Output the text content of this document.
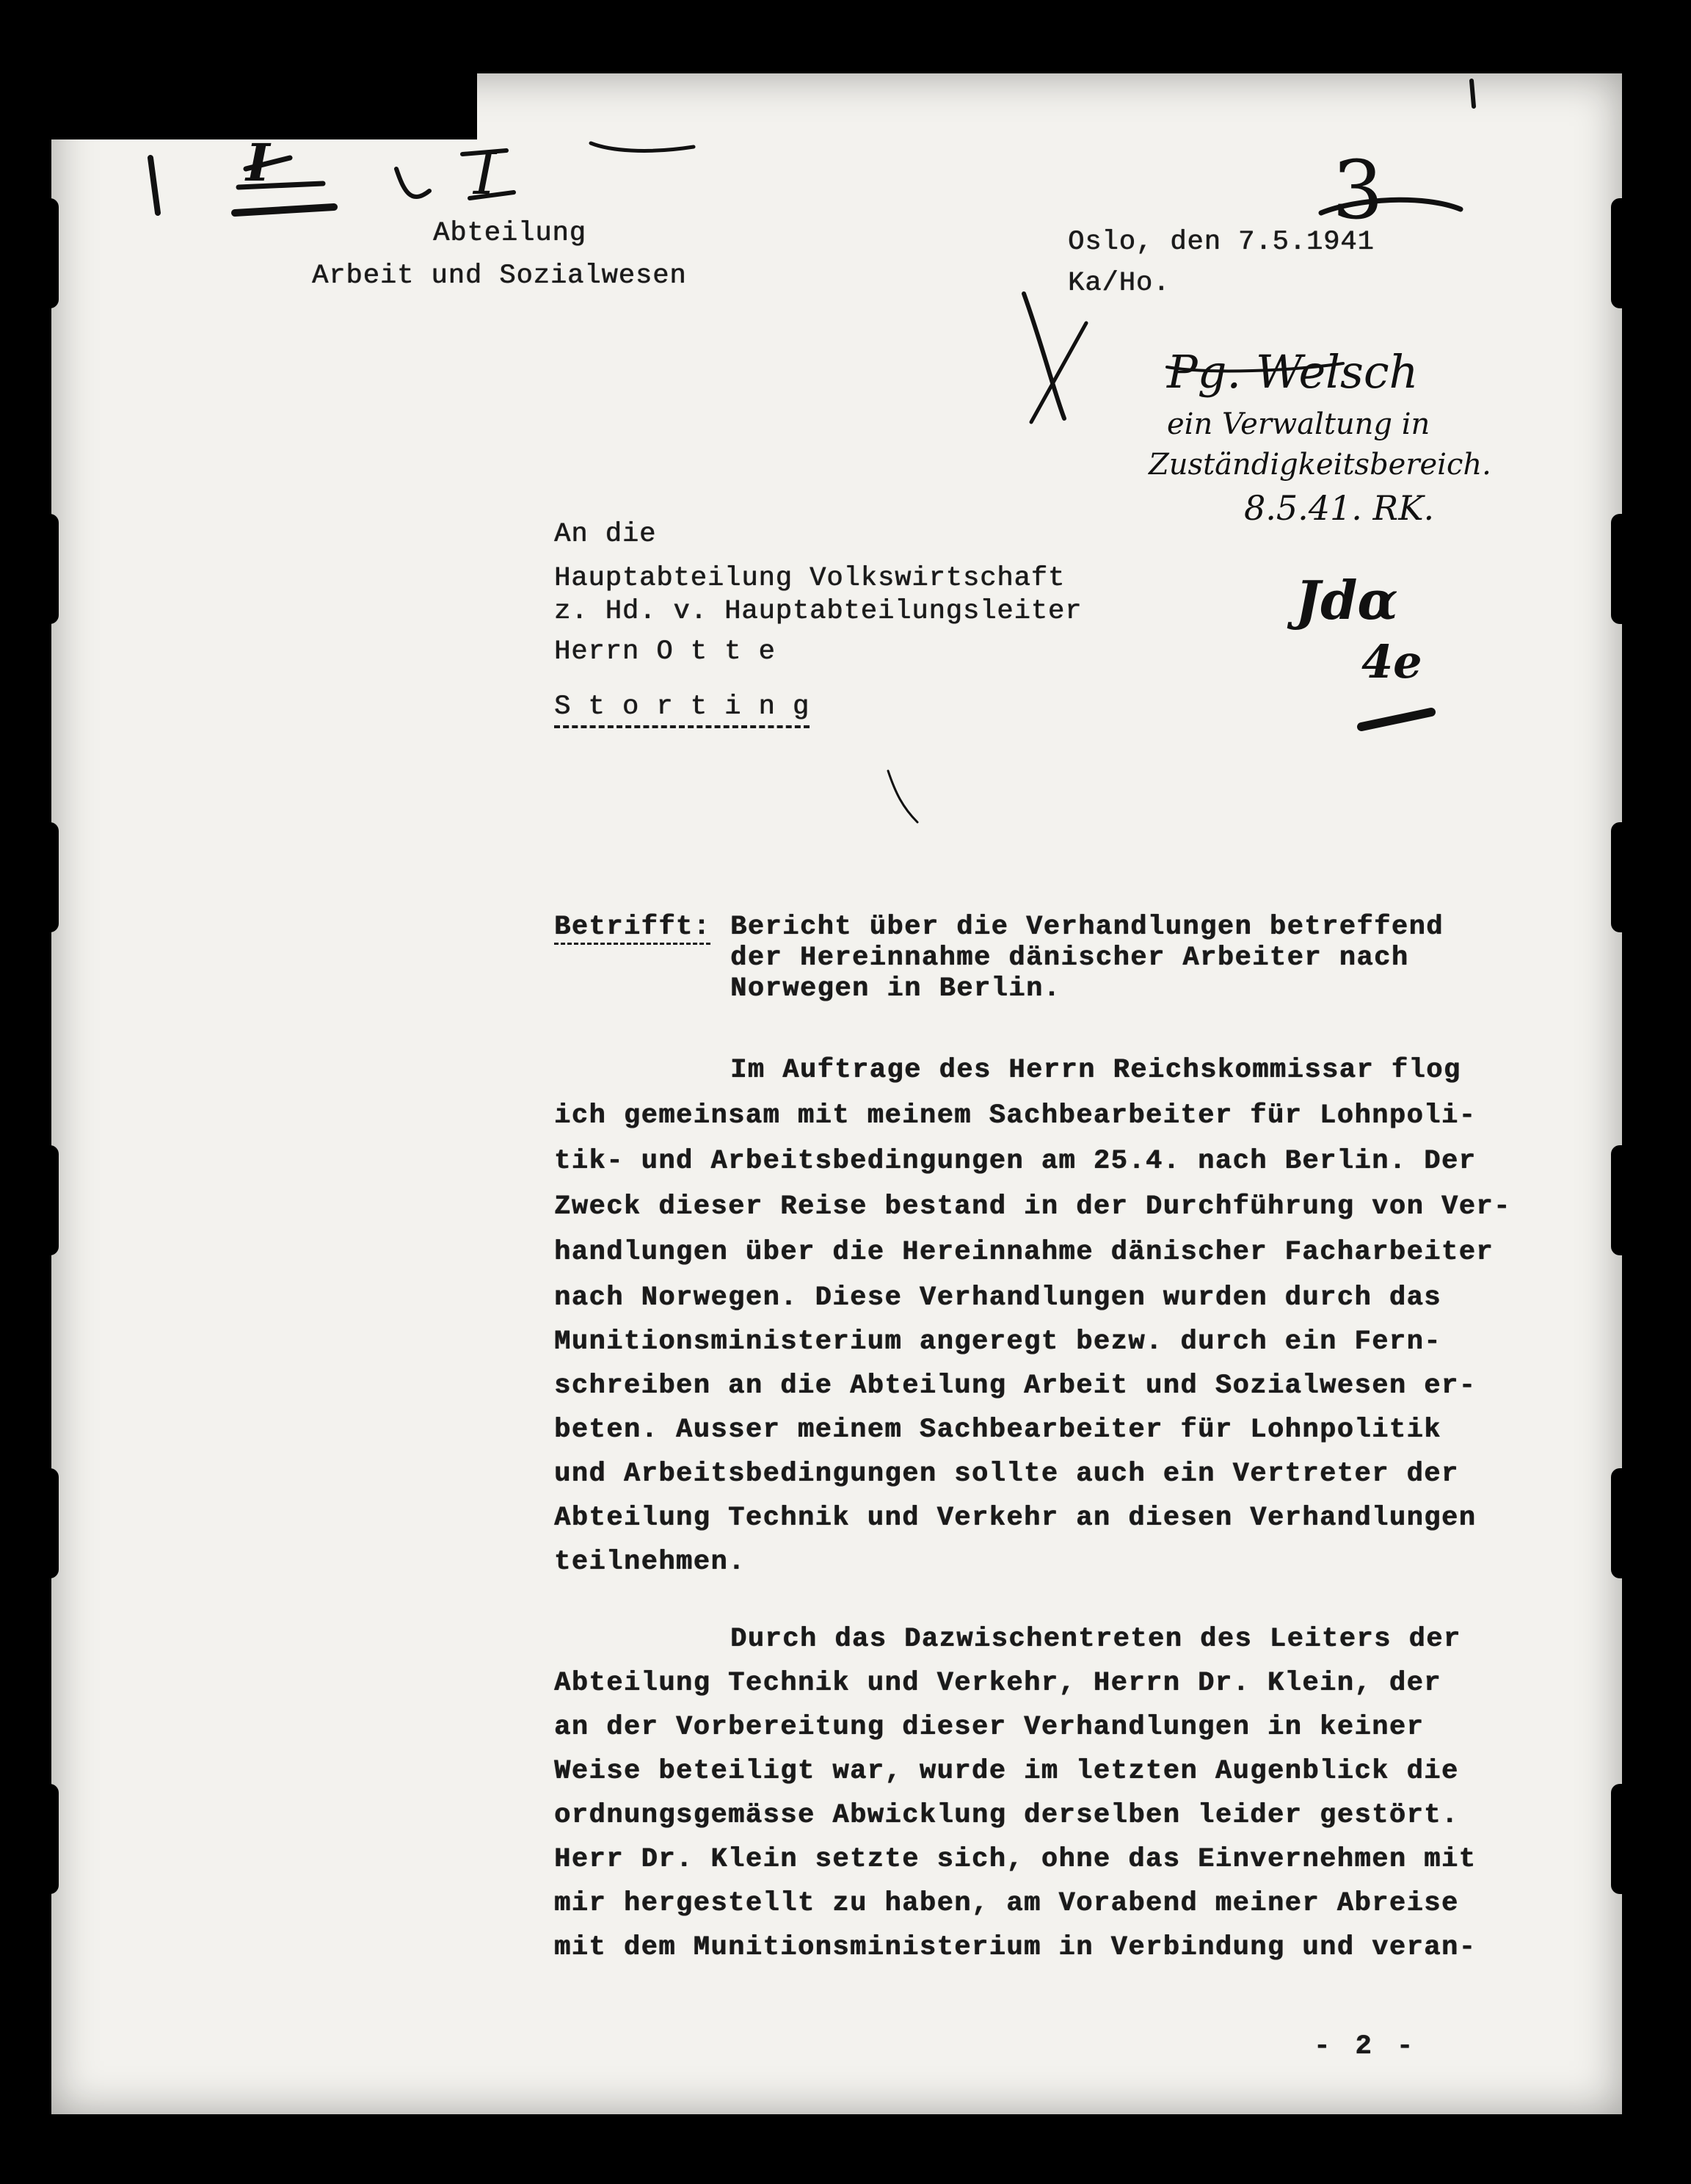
I	I	3
Pg. Welsch
ein Verwaltung in
Zuständigkeitsbereich.
8.5.41. RK.
Jdα
4e
Abteilung
Arbeit und Sozialwesen
Oslo, den 7.5.1941
Ka/Ho.
An die
Hauptabteilung Volkswirtschaft
z. Hd. v. Hauptabteilungsleiter
Herrn O t t e
S t o r t i n g
Betrifft: Bericht über die Verhandlungen betreffend
der Hereinnahme dänischer Arbeiter nach
Norwegen in Berlin.
Im Auftrage des Herrn Reichskommissar flog
ich gemeinsam mit meinem Sachbearbeiter für Lohnpoli-
tik- und Arbeitsbedingungen am 25.4. nach Berlin. Der
Zweck dieser Reise bestand in der Durchführung von Ver-
handlungen über die Hereinnahme dänischer Facharbeiter
nach Norwegen. Diese Verhandlungen wurden durch das
Munitionsministerium angeregt bezw. durch ein Fern-
schreiben an die Abteilung Arbeit und Sozialwesen er-
beten. Ausser meinem Sachbearbeiter für Lohnpolitik
und Arbeitsbedingungen sollte auch ein Vertreter der
Abteilung Technik und Verkehr an diesen Verhandlungen
teilnehmen.
Durch das Dazwischentreten des Leiters der
Abteilung Technik und Verkehr, Herrn Dr. Klein, der
an der Vorbereitung dieser Verhandlungen in keiner
Weise beteiligt war, wurde im letzten Augenblick die
ordnungsgemässe Abwicklung derselben leider gestört.
Herr Dr. Klein setzte sich, ohne das Einvernehmen mit
mir hergestellt zu haben, am Vorabend meiner Abreise
mit dem Munitionsministerium in Verbindung und veran-
- 2 -
